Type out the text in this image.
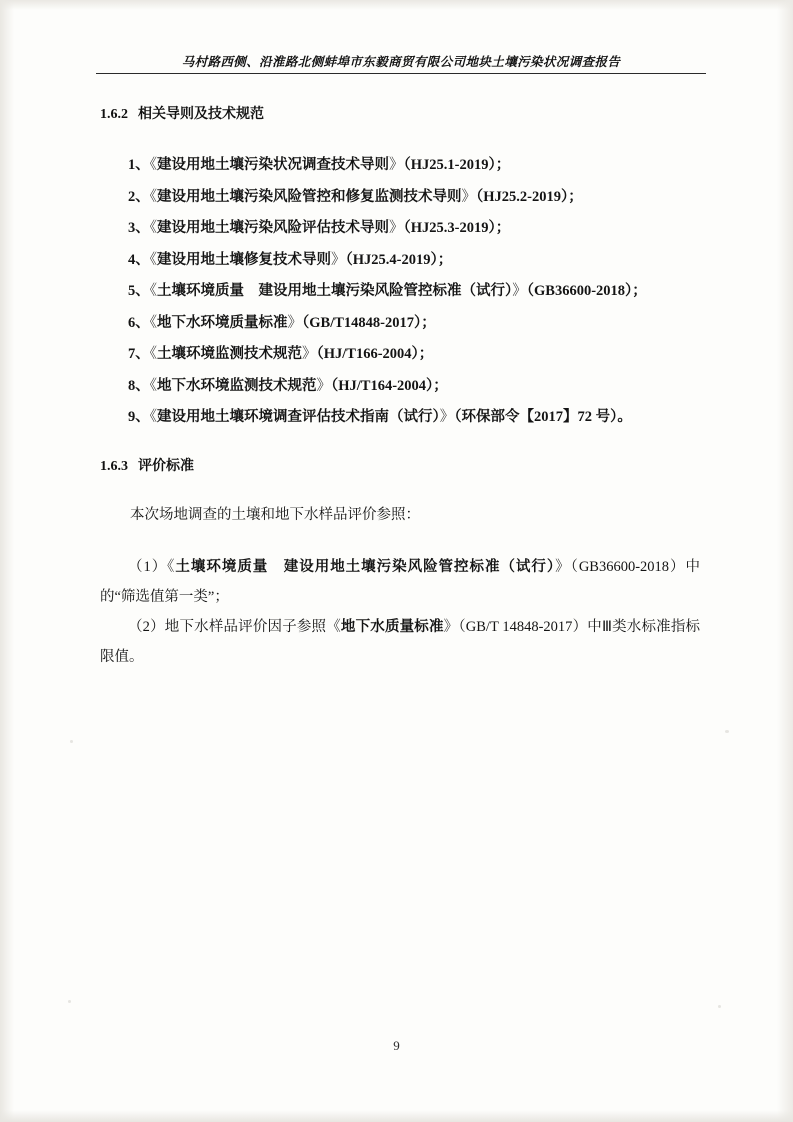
马村路西侧、沿淮路北侧蚌埠市东毅商贸有限公司地块土壤污染状况调查报告
1.6.2 相关导则及技术规范
1、《建设用地土壤污染状况调查技术导则》（HJ25.1-2019）；
2、《建设用地土壤污染风险管控和修复监测技术导则》（HJ25.2-2019）；
3、《建设用地土壤污染风险评估技术导则》（HJ25.3-2019）；
4、《建设用地土壤修复技术导则》（HJ25.4-2019）；
5、《土壤环境质量　建设用地土壤污染风险管控标准（试行）》（GB36600-2018）；
6、《地下水环境质量标准》（GB/T14848-2017）；
7、《土壤环境监测技术规范》（HJ/T166-2004）；
8、《地下水环境监测技术规范》（HJ/T164-2004）；
9、《建设用地土壤环境调查评估技术指南（试行）》（环保部令【2017】72 号）。
1.6.3 评价标准
本次场地调查的土壤和地下水样品评价参照：
（1）《土壤环境质量　建设用地土壤污染风险管控标准（试行）》（GB36600-2018）中的“筛选值第一类”；
（2）地下水样品评价因子参照《地下水质量标准》（GB/T 14848-2017）中Ⅲ类水标准指标限值。
9
